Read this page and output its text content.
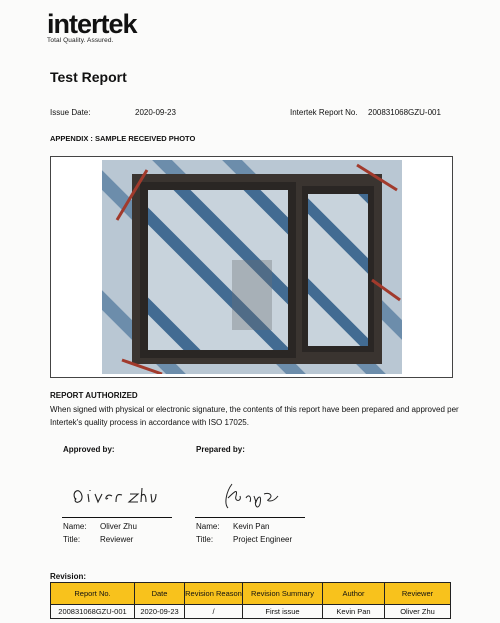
intertek
Total Quality. Assured.
Test Report
Issue Date:	2020-09-23	Intertek Report No. 200831068GZU-001
APPENDIX : SAMPLE RECEIVED PHOTO
REPORT AUTHORIZED
When signed with physical or electronic signature, the contents of this report have been prepared and approved per Intertek's quality process in accordance with ISO 17025.
Approved by:	Prepared by:
Name: Oliver Zhu
Title: Reviewer
Name: Kevin Pan
Title: Project Engineer
Revision:
Report No.	Date	Revision Reason	Revision Summary	Author	Reviewer
200831068GZU-001	2020-09-23	/	First issue	Kevin Pan	Oliver Zhu
